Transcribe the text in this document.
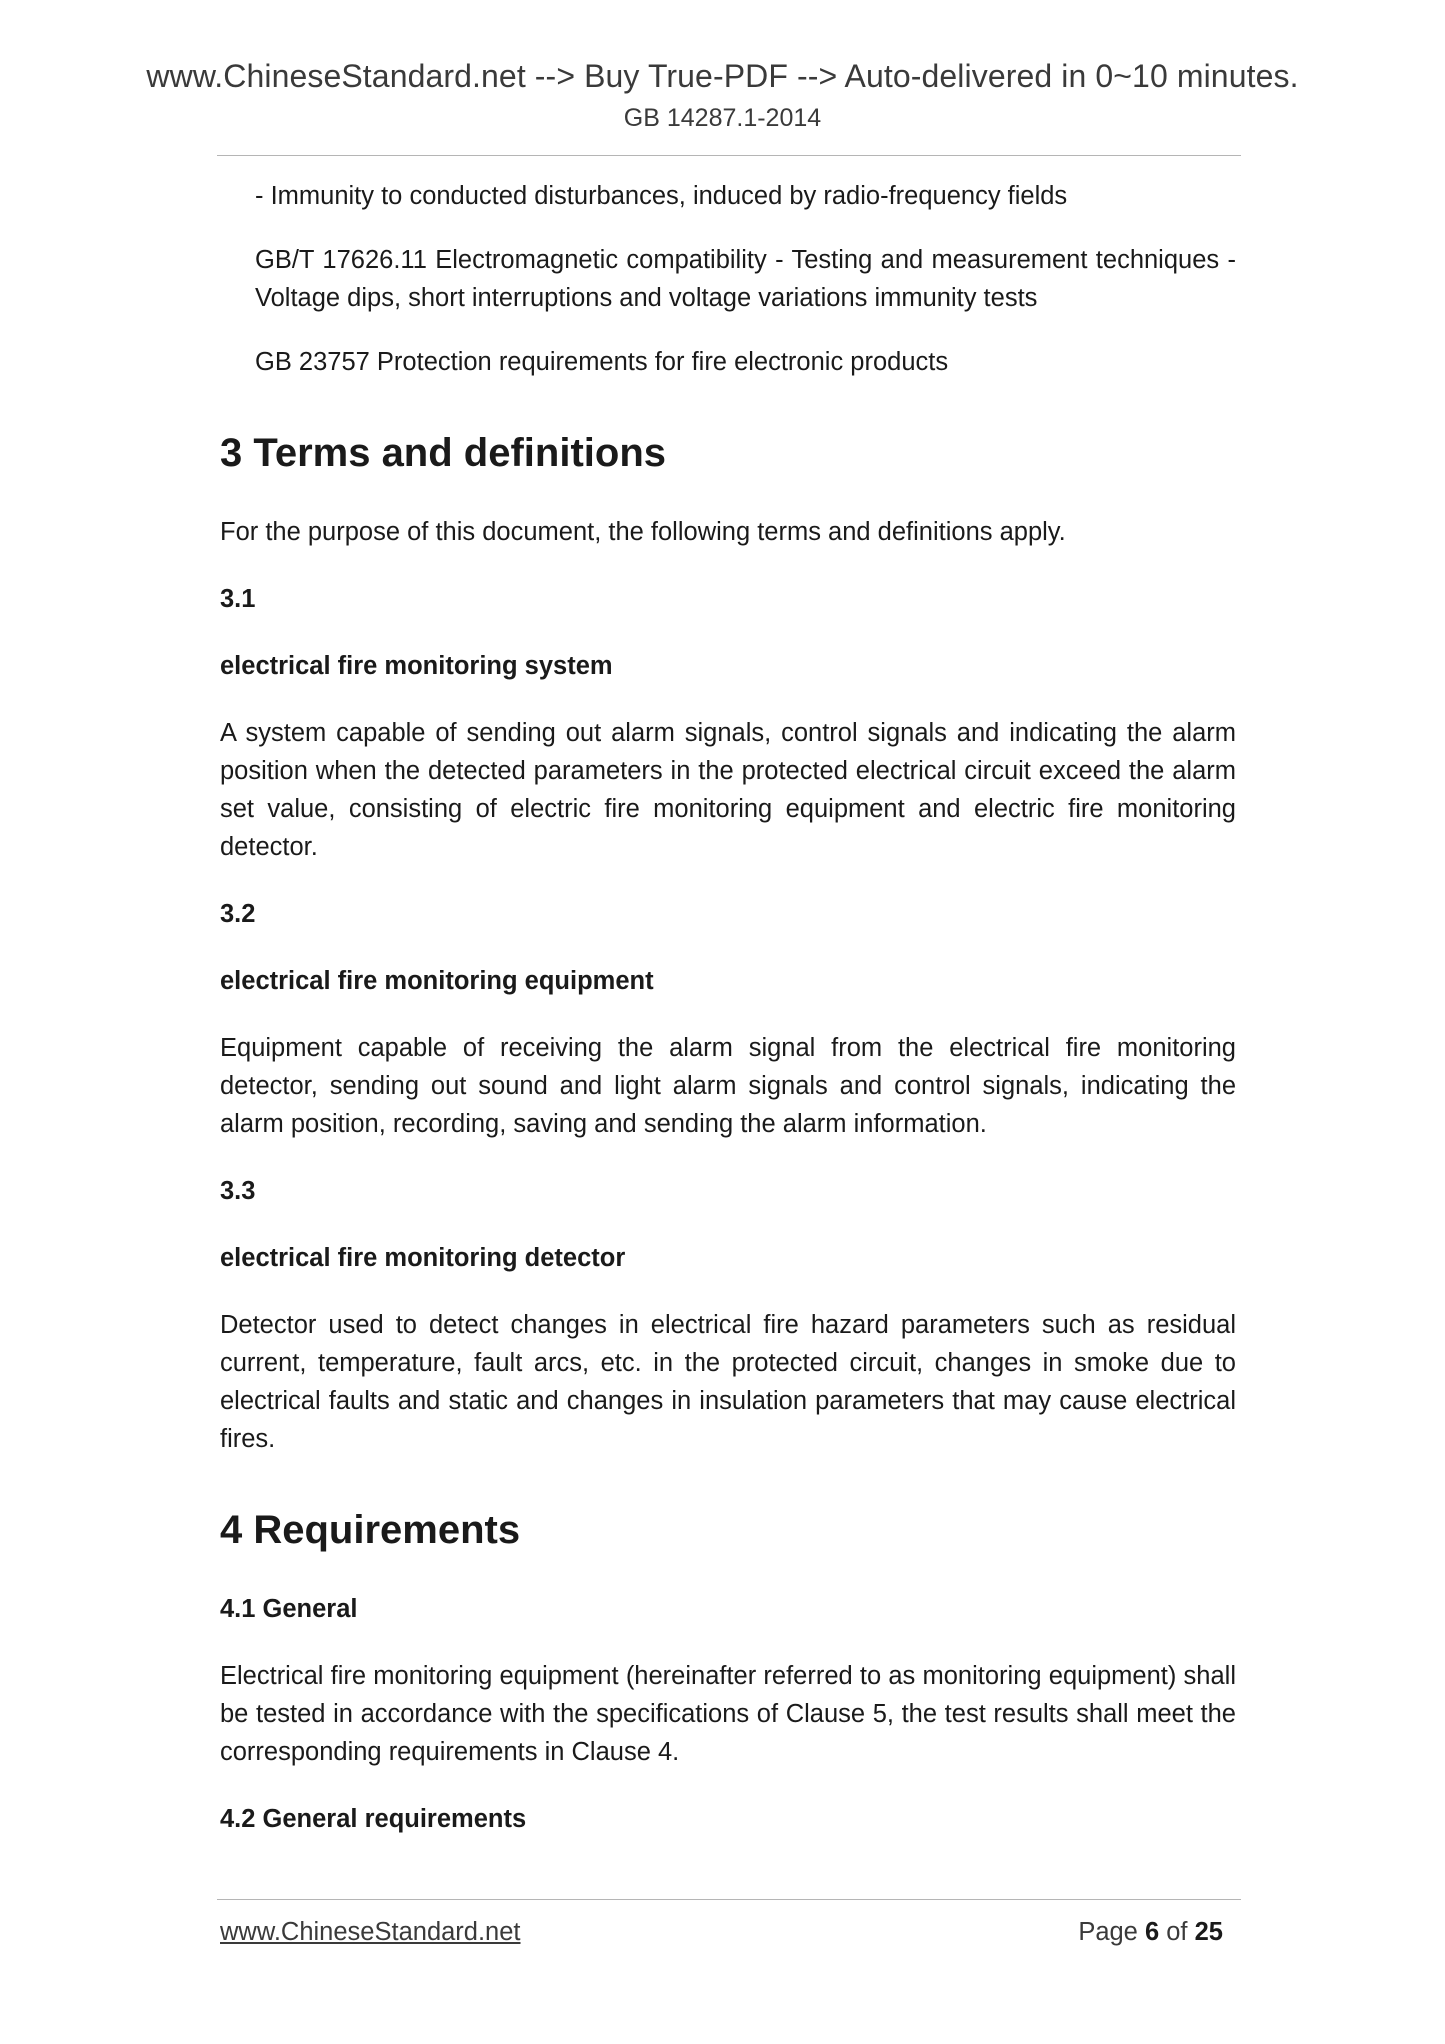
www.ChineseStandard.net --> Buy True-PDF --> Auto-delivered in 0~10 minutes.
GB 14287.1-2014

- Immunity to conducted disturbances, induced by radio-frequency fields

GB/T 17626.11 Electromagnetic compatibility - Testing and measurement techniques - Voltage dips, short interruptions and voltage variations immunity tests

GB 23757 Protection requirements for fire electronic products

3 Terms and definitions

For the purpose of this document, the following terms and definitions apply.

3.1

electrical fire monitoring system

A system capable of sending out alarm signals, control signals and indicating the alarm position when the detected parameters in the protected electrical circuit exceed the alarm set value, consisting of electric fire monitoring equipment and electric fire monitoring detector.

3.2

electrical fire monitoring equipment

Equipment capable of receiving the alarm signal from the electrical fire monitoring detector, sending out sound and light alarm signals and control signals, indicating the alarm position, recording, saving and sending the alarm information.

3.3

electrical fire monitoring detector

Detector used to detect changes in electrical fire hazard parameters such as residual current, temperature, fault arcs, etc. in the protected circuit, changes in smoke due to electrical faults and static and changes in insulation parameters that may cause electrical fires.

4 Requirements

4.1 General

Electrical fire monitoring equipment (hereinafter referred to as monitoring equipment) shall be tested in accordance with the specifications of Clause 5, the test results shall meet the corresponding requirements in Clause 4.

4.2 General requirements

www.ChineseStandard.net	Page 6 of 25
